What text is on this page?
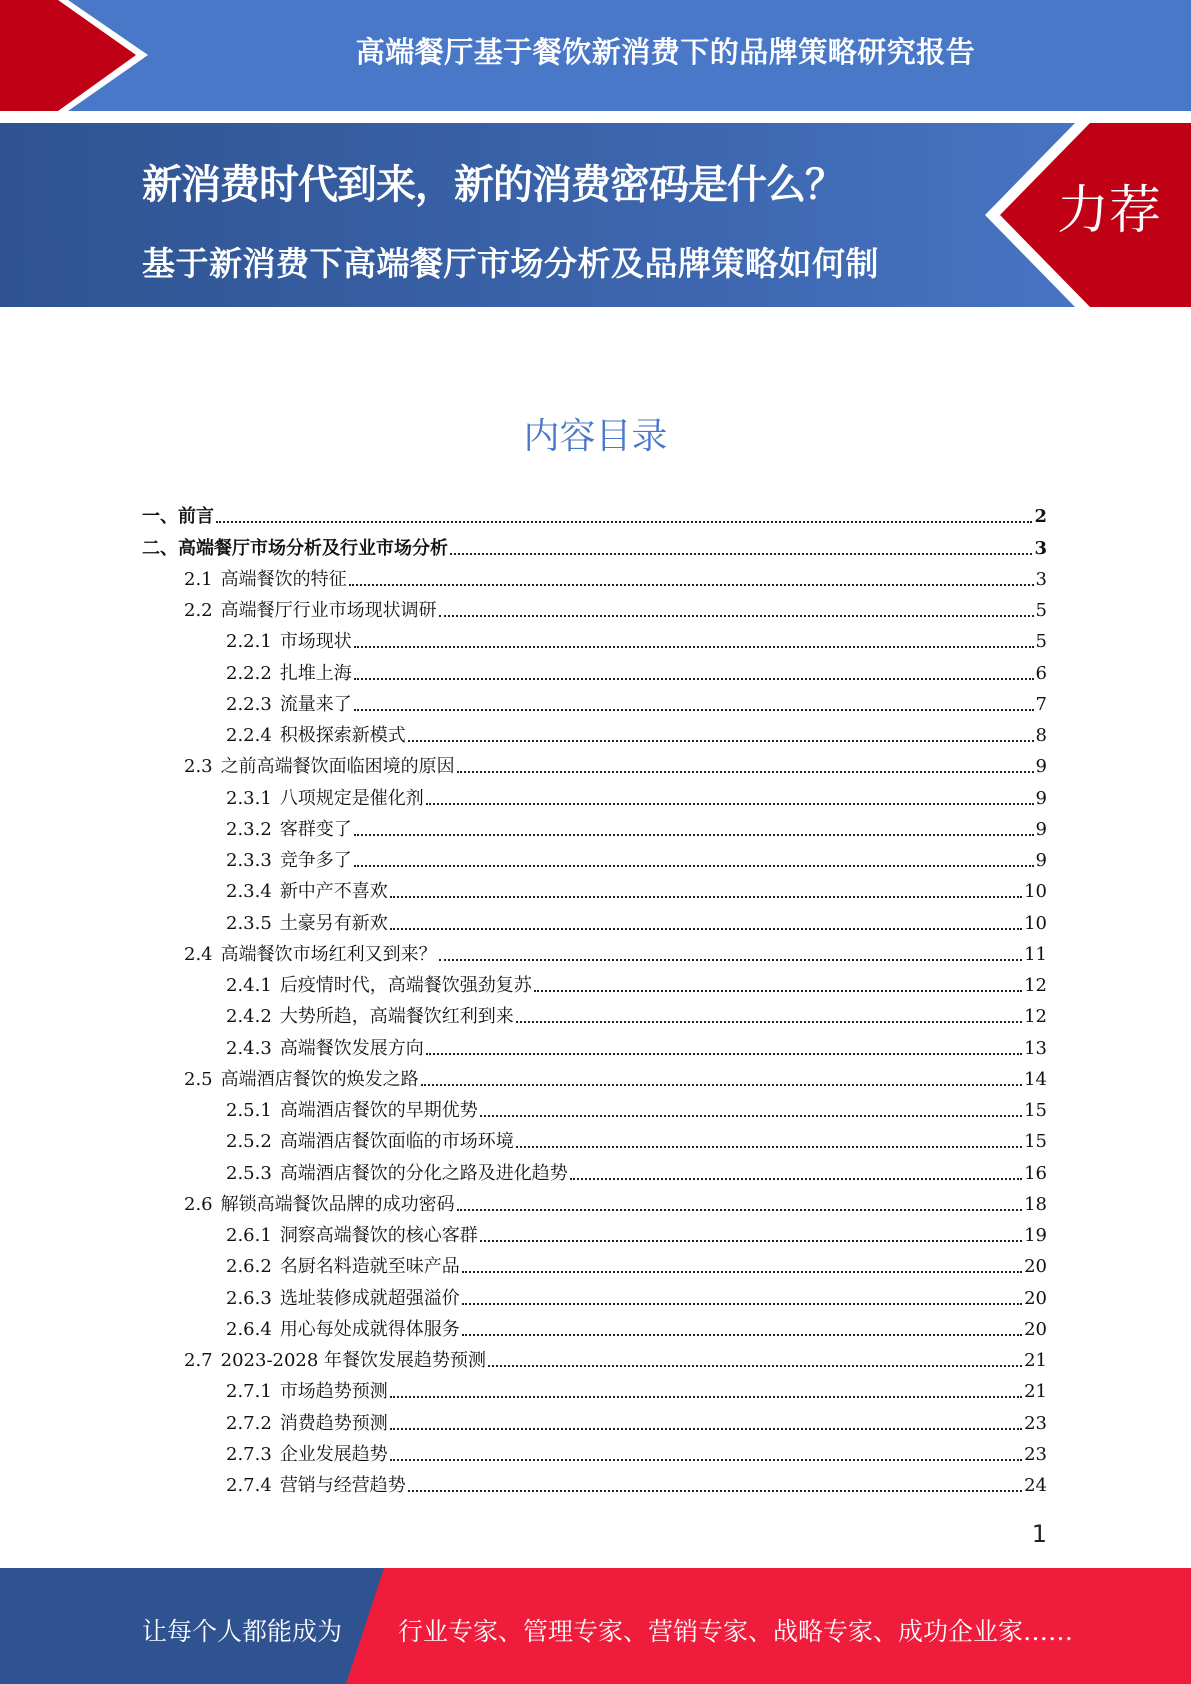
高端餐厅基于餐饮新消费下的品牌策略研究报告
新消费时代到来，新的消费密码是什么？
基于新消费下高端餐厅市场分析及品牌策略如何制定？？？
力荐
内容目录
一、前言	2
二、高端餐厅市场分析及行业市场分析	3
2.1 高端餐饮的特征	3
2.2 高端餐厅行业市场现状调研	5
2.2.1 市场现状	5
2.2.2 扎堆上海	6
2.2.3 流量来了	7
2.2.4 积极探索新模式	8
2.3 之前高端餐饮面临困境的原因	9
2.3.1 八项规定是催化剂	9
2.3.2 客群变了	9
2.3.3 竞争多了	9
2.3.4 新中产不喜欢	10
2.3.5 土豪另有新欢	10
2.4 高端餐饮市场红利又到来？	11
2.4.1 后疫情时代，高端餐饮强劲复苏	12
2.4.2 大势所趋，高端餐饮红利到来	12
2.4.3 高端餐饮发展方向	13
2.5 高端酒店餐饮的焕发之路	14
2.5.1 高端酒店餐饮的早期优势	15
2.5.2 高端酒店餐饮面临的市场环境	15
2.5.3 高端酒店餐饮的分化之路及进化趋势	16
2.6 解锁高端餐饮品牌的成功密码	18
2.6.1 洞察高端餐饮的核心客群	19
2.6.2 名厨名料造就至味产品	20
2.6.3 选址装修成就超强溢价	20
2.6.4 用心每处成就得体服务	20
2.7 2023-2028 年餐饮发展趋势预测	21
2.7.1 市场趋势预测	21
2.7.2 消费趋势预测	23
2.7.3 企业发展趋势	23
2.7.4 营销与经营趋势	24
1
让每个人都能成为 行业专家、管理专家、营销专家、战略专家、成功企业家……
